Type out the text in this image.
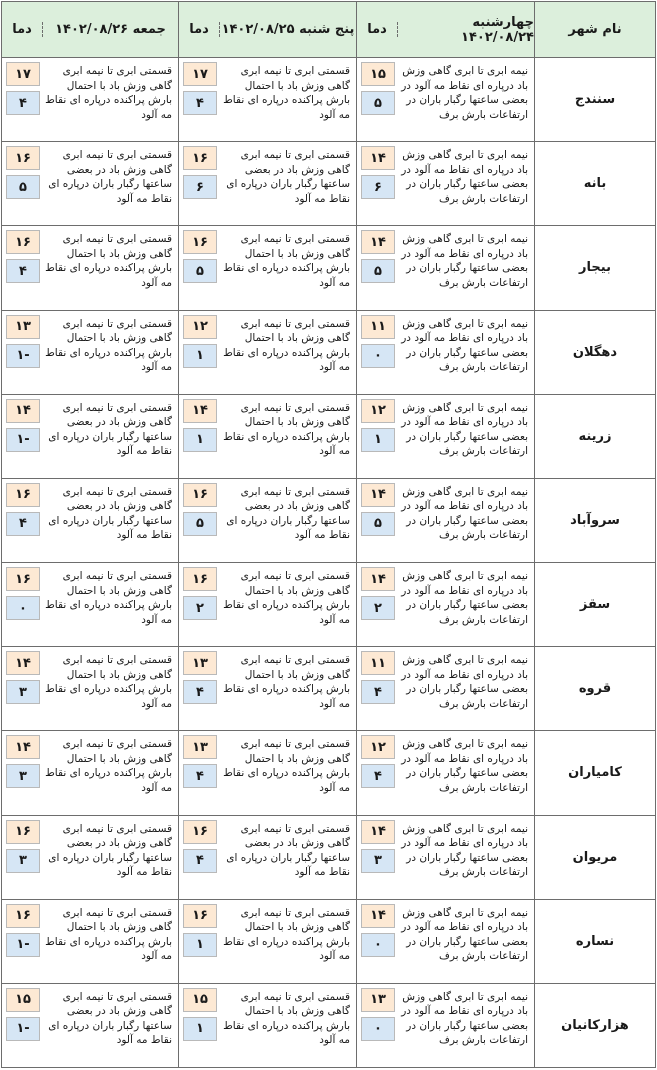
نام شهر
چهارشنبه ۱۴۰۲/۰۸/۲۴
دما
پنج شنبه ۱۴۰۲/۰۸/۲۵
دما
جمعه ۱۴۰۲/۰۸/۲۶
دما
سنندج
نیمه ابری تا ابری گاهی وزش باد درپاره ای نقاط مه آلود در بعضی ساعتها رگبار باران در ارتفاعات بارش برف
۱۵
۵
قسمتی ابری تا نیمه ابری گاهی وزش باد با احتمال بارش پراکنده درپاره ای نقاط مه آلود
۱۷
۴
قسمتی ابری تا نیمه ابری گاهی وزش باد با احتمال بارش پراکنده درپاره ای نقاط مه آلود
۱۷
۴
بانه
نیمه ابری تا ابری گاهی وزش باد درپاره ای نقاط مه آلود در بعضی ساعتها رگبار باران در ارتفاعات بارش برف
۱۴
۶
قسمتی ابری تا نیمه ابری گاهی وزش باد در بعضی ساعتها رگبار باران درپاره ای نقاط مه آلود
۱۶
۶
قسمتی ابری تا نیمه ابری گاهی وزش باد در بعضی ساعتها رگبار باران درپاره ای نقاط مه آلود
۱۶
۵
بیجار
نیمه ابری تا ابری گاهی وزش باد درپاره ای نقاط مه آلود در بعضی ساعتها رگبار باران در ارتفاعات بارش برف
۱۴
۵
قسمتی ابری تا نیمه ابری گاهی وزش باد با احتمال بارش پراکنده درپاره ای نقاط مه آلود
۱۶
۵
قسمتی ابری تا نیمه ابری گاهی وزش باد با احتمال بارش پراکنده درپاره ای نقاط مه آلود
۱۶
۴
دهگلان
نیمه ابری تا ابری گاهی وزش باد درپاره ای نقاط مه آلود در بعضی ساعتها رگبار باران در ارتفاعات بارش برف
۱۱
۰
قسمتی ابری تا نیمه ابری گاهی وزش باد با احتمال بارش پراکنده درپاره ای نقاط مه آلود
۱۲
۱
قسمتی ابری تا نیمه ابری گاهی وزش باد با احتمال بارش پراکنده درپاره ای نقاط مه آلود
۱۳
-۱
زرینه
نیمه ابری تا ابری گاهی وزش باد درپاره ای نقاط مه آلود در بعضی ساعتها رگبار باران در ارتفاعات بارش برف
۱۲
۱
قسمتی ابری تا نیمه ابری گاهی وزش باد با احتمال بارش پراکنده درپاره ای نقاط مه آلود
۱۴
۱
قسمتی ابری تا نیمه ابری گاهی وزش باد در بعضی ساعتها رگبار باران درپاره ای نقاط مه آلود
۱۴
-۱
سروآباد
نیمه ابری تا ابری گاهی وزش باد درپاره ای نقاط مه آلود در بعضی ساعتها رگبار باران در ارتفاعات بارش برف
۱۴
۵
قسمتی ابری تا نیمه ابری گاهی وزش باد در بعضی ساعتها رگبار باران درپاره ای نقاط مه آلود
۱۶
۵
قسمتی ابری تا نیمه ابری گاهی وزش باد در بعضی ساعتها رگبار باران درپاره ای نقاط مه آلود
۱۶
۴
سقز
نیمه ابری تا ابری گاهی وزش باد درپاره ای نقاط مه آلود در بعضی ساعتها رگبار باران در ارتفاعات بارش برف
۱۴
۲
قسمتی ابری تا نیمه ابری گاهی وزش باد با احتمال بارش پراکنده درپاره ای نقاط مه آلود
۱۶
۲
قسمتی ابری تا نیمه ابری گاهی وزش باد با احتمال بارش پراکنده درپاره ای نقاط مه آلود
۱۶
۰
قروه
نیمه ابری تا ابری گاهی وزش باد درپاره ای نقاط مه آلود در بعضی ساعتها رگبار باران در ارتفاعات بارش برف
۱۱
۴
قسمتی ابری تا نیمه ابری گاهی وزش باد با احتمال بارش پراکنده درپاره ای نقاط مه آلود
۱۳
۴
قسمتی ابری تا نیمه ابری گاهی وزش باد با احتمال بارش پراکنده درپاره ای نقاط مه آلود
۱۴
۳
کامیاران
نیمه ابری تا ابری گاهی وزش باد درپاره ای نقاط مه آلود در بعضی ساعتها رگبار باران در ارتفاعات بارش برف
۱۲
۴
قسمتی ابری تا نیمه ابری گاهی وزش باد با احتمال بارش پراکنده درپاره ای نقاط مه آلود
۱۳
۴
قسمتی ابری تا نیمه ابری گاهی وزش باد با احتمال بارش پراکنده درپاره ای نقاط مه آلود
۱۴
۳
مریوان
نیمه ابری تا ابری گاهی وزش باد درپاره ای نقاط مه آلود در بعضی ساعتها رگبار باران در ارتفاعات بارش برف
۱۴
۳
قسمتی ابری تا نیمه ابری گاهی وزش باد در بعضی ساعتها رگبار باران درپاره ای نقاط مه آلود
۱۶
۴
قسمتی ابری تا نیمه ابری گاهی وزش باد در بعضی ساعتها رگبار باران درپاره ای نقاط مه آلود
۱۶
۳
نساره
نیمه ابری تا ابری گاهی وزش باد درپاره ای نقاط مه آلود در بعضی ساعتها رگبار باران در ارتفاعات بارش برف
۱۴
۰
قسمتی ابری تا نیمه ابری گاهی وزش باد با احتمال بارش پراکنده درپاره ای نقاط مه آلود
۱۶
۱
قسمتی ابری تا نیمه ابری گاهی وزش باد با احتمال بارش پراکنده درپاره ای نقاط مه آلود
۱۶
-۱
هزارکانیان
نیمه ابری تا ابری گاهی وزش باد درپاره ای نقاط مه آلود در بعضی ساعتها رگبار باران در ارتفاعات بارش برف
۱۳
۰
قسمتی ابری تا نیمه ابری گاهی وزش باد با احتمال بارش پراکنده درپاره ای نقاط مه آلود
۱۵
۱
قسمتی ابری تا نیمه ابری گاهی وزش باد در بعضی ساعتها رگبار باران درپاره ای نقاط مه آلود
۱۵
-۱
